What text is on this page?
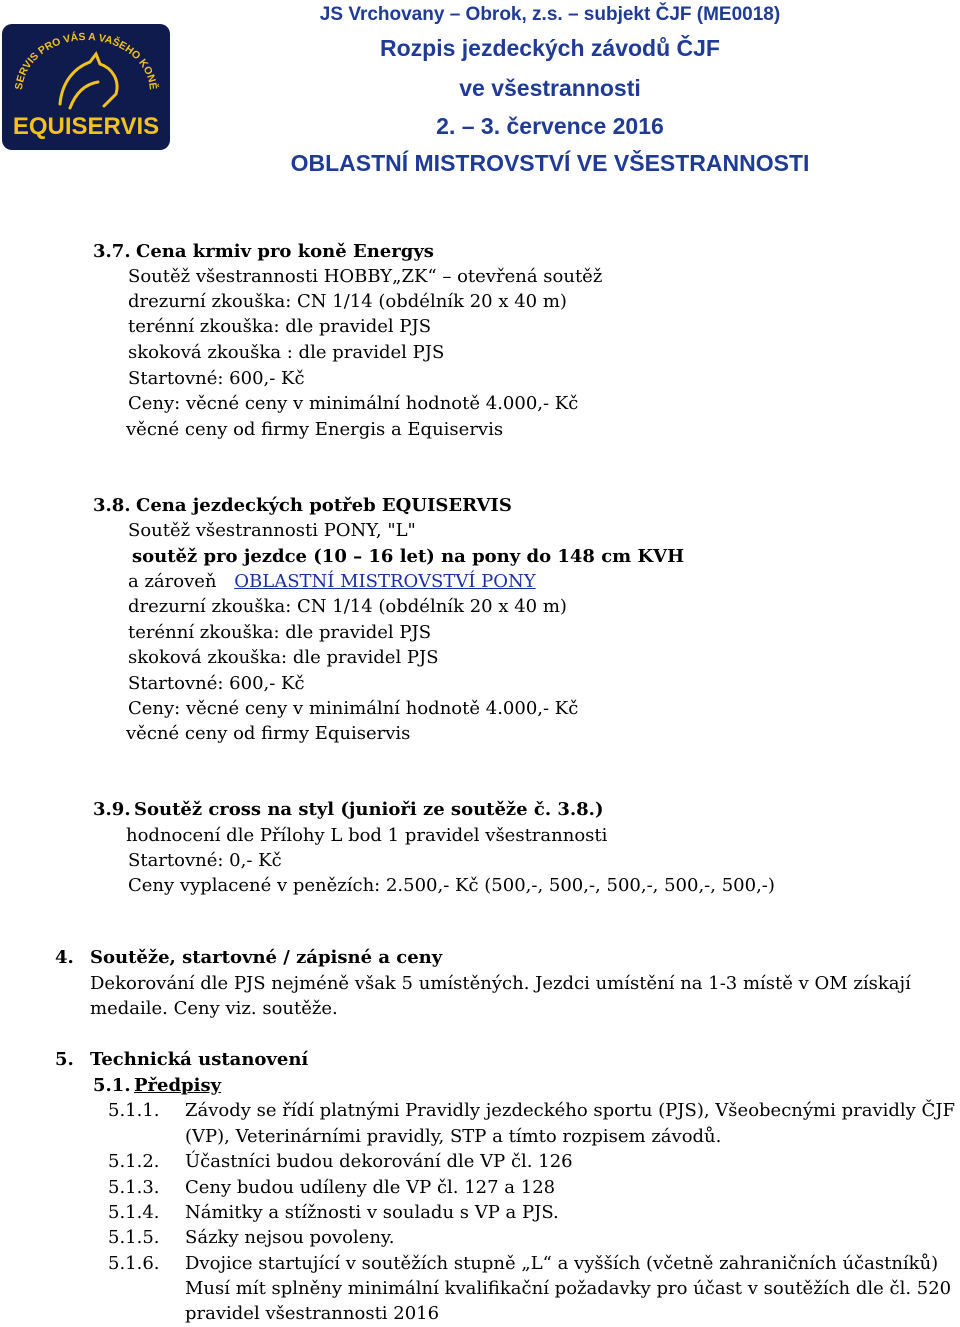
SERVIS PRO VÁS A VAŠEHO KONĚ
EQUISERVIS
JS Vrchovany – Obrok, z.s. – subjekt ČJF (ME0018)
Rozpis jezdeckých závodů ČJF
ve všestrannosti
2. – 3. července 2016
OBLASTNÍ MISTROVSTVÍ VE VŠESTRANNOSTI
3.7. Cena krmiv pro koně Energys
Soutěž všestrannosti HOBBY„ZK“ – otevřená soutěž
drezurní zkouška: CN 1/14 (obdélník 20 x 40 m)
terénní zkouška: dle pravidel PJS
skoková zkouška : dle pravidel PJS
Startovné: 600,- Kč
Ceny: věcné ceny v minimální hodnotě 4.000,- Kč
věcné ceny od firmy Energis a Equiservis
3.8. Cena jezdeckých potřeb EQUISERVIS
Soutěž všestrannosti PONY, "L"
soutěž pro jezdce (10 – 16 let) na pony do 148 cm KVH
a zároveň OBLASTNÍ MISTROVSTVÍ PONY
drezurní zkouška: CN 1/14 (obdélník 20 x 40 m)
terénní zkouška: dle pravidel PJS
skoková zkouška: dle pravidel PJS
Startovné: 600,- Kč
Ceny: věcné ceny v minimální hodnotě 4.000,- Kč
věcné ceny od firmy Equiservis
3.9. Soutěž cross na styl (junioři ze soutěže č. 3.8.)
hodnocení dle Přílohy L bod 1 pravidel všestrannosti
Startovné: 0,- Kč
Ceny vyplacené v penězích: 2.500,- Kč (500,-, 500,-, 500,-, 500,-, 500,-)
4. Soutěže, startovné / zápisné a ceny
Dekorování dle PJS nejméně však 5 umístěných. Jezdci umístění na 1-3 místě v OM získají
medaile. Ceny viz. soutěže.
5. Technická ustanovení
5.1. Předpisy
5.1.1. Závody se řídí platnými Pravidly jezdeckého sportu (PJS), Všeobecnými pravidly ČJF
(VP), Veterinárními pravidly, STP a tímto rozpisem závodů.
5.1.2. Účastníci budou dekorování dle VP čl. 126
5.1.3. Ceny budou udíleny dle VP čl. 127 a 128
5.1.4. Námitky a stížnosti v souladu s VP a PJS.
5.1.5. Sázky nejsou povoleny.
5.1.6. Dvojice startující v soutěžích stupně „L“ a vyšších (včetně zahraničních účastníků)
Musí mít splněny minimální kvalifikační požadavky pro účast v soutěžích dle čl. 520
pravidel všestrannosti 2016
